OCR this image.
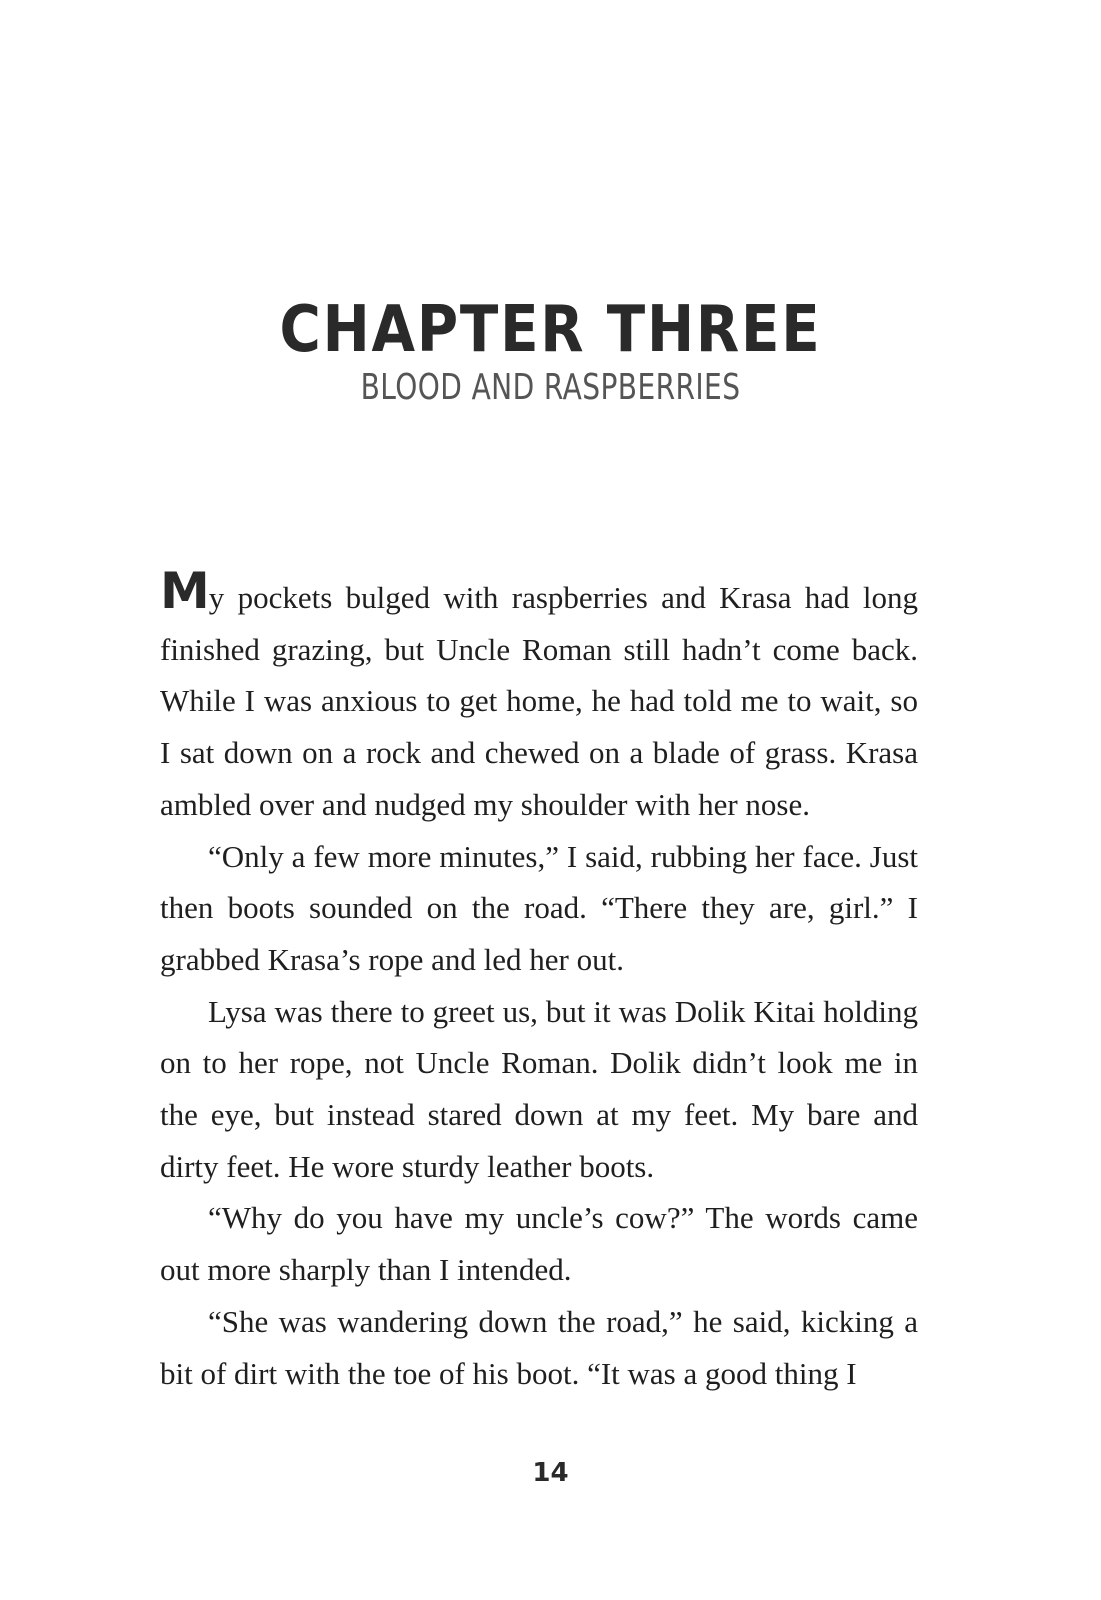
CHAPTER THREE
BLOOD AND RASPBERRIES

My pockets bulged with raspberries and Krasa had long finished grazing, but Uncle Roman still hadn’t come back. While I was anxious to get home, he had told me to wait, so I sat down on a rock and chewed on a blade of grass. Krasa ambled over and nudged my shoulder with her nose.

“Only a few more minutes,” I said, rubbing her face. Just then boots sounded on the road. “There they are, girl.” I grabbed Krasa’s rope and led her out.

Lysa was there to greet us, but it was Dolik Kitai holding on to her rope, not Uncle Roman. Dolik didn’t look me in the eye, but instead stared down at my feet. My bare and dirty feet. He wore sturdy leather boots.

“Why do you have my uncle’s cow?” The words came out more sharply than I intended.

“She was wandering down the road,” he said, kicking a bit of dirt with the toe of his boot. “It was a good thing I

14
